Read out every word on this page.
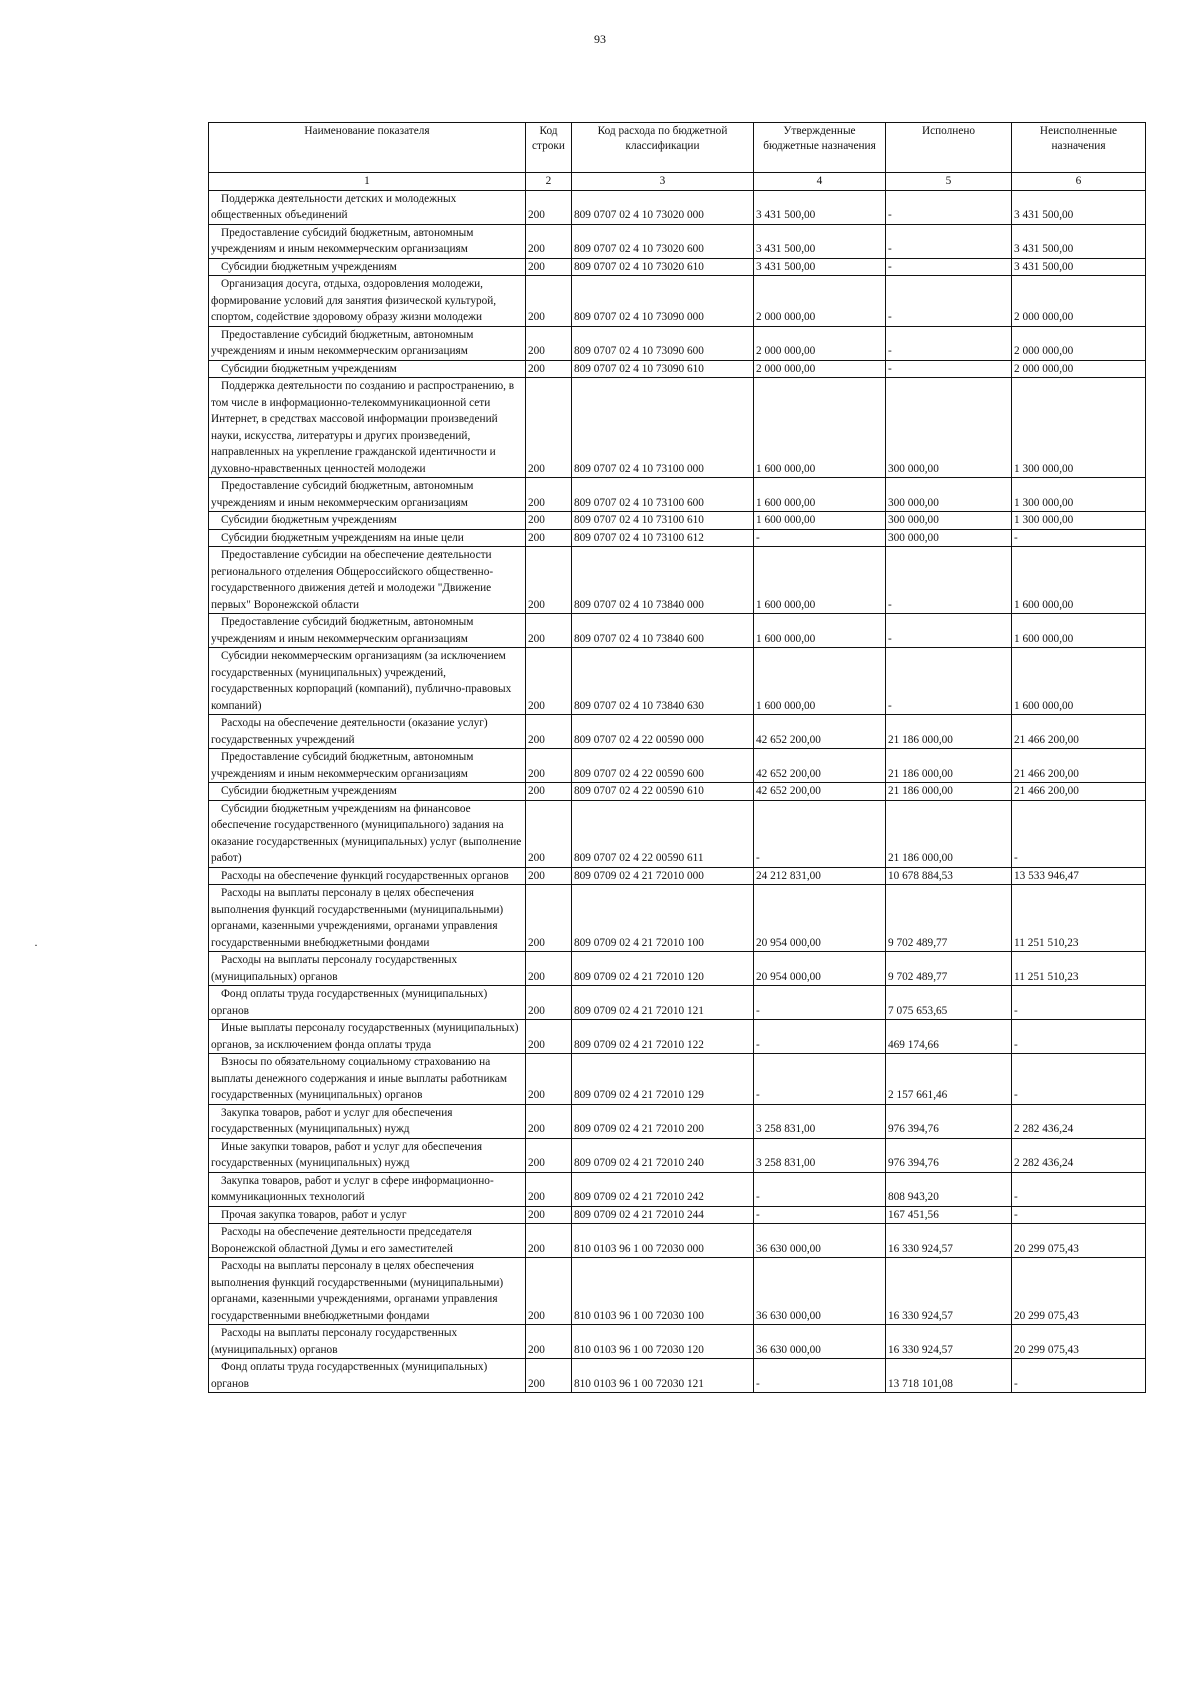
93
Наименование показателя	Код строки	Код расхода по бюджетной классификации	Утвержденные бюджетные назначения	Исполнено	Неисполненные назначения
1	2	3	4	5	6
Поддержка деятельности детских и молодежных общественных объединений	200	809 0707 02 4 10 73020 000	3 431 500,00	-	3 431 500,00
Предоставление субсидий бюджетным, автономным учреждениям и иным некоммерческим организациям	200	809 0707 02 4 10 73020 600	3 431 500,00	-	3 431 500,00
Субсидии бюджетным учреждениям	200	809 0707 02 4 10 73020 610	3 431 500,00	-	3 431 500,00
Организация досуга, отдыха, оздоровления молодежи, формирование условий для занятия физической культурой, спортом, содействие здоровому образу жизни молодежи	200	809 0707 02 4 10 73090 000	2 000 000,00	-	2 000 000,00
Предоставление субсидий бюджетным, автономным учреждениям и иным некоммерческим организациям	200	809 0707 02 4 10 73090 600	2 000 000,00	-	2 000 000,00
Субсидии бюджетным учреждениям	200	809 0707 02 4 10 73090 610	2 000 000,00	-	2 000 000,00
Поддержка деятельности по созданию и распространению, в том числе в информационно-телекоммуникационной сети Интернет, в средствах массовой информации произведений науки, искусства, литературы и других произведений, направленных на укрепление гражданской идентичности и духовно-нравственных ценностей молодежи	200	809 0707 02 4 10 73100 000	1 600 000,00	300 000,00	1 300 000,00
Предоставление субсидий бюджетным, автономным учреждениям и иным некоммерческим организациям	200	809 0707 02 4 10 73100 600	1 600 000,00	300 000,00	1 300 000,00
Субсидии бюджетным учреждениям	200	809 0707 02 4 10 73100 610	1 600 000,00	300 000,00	1 300 000,00
Субсидии бюджетным учреждениям на иные цели	200	809 0707 02 4 10 73100 612	-	300 000,00	-
Предоставление субсидии на обеспечение деятельности регионального отделения Общероссийского общественно-государственного движения детей и молодежи "Движение первых" Воронежской области	200	809 0707 02 4 10 73840 000	1 600 000,00	-	1 600 000,00
Предоставление субсидий бюджетным, автономным учреждениям и иным некоммерческим организациям	200	809 0707 02 4 10 73840 600	1 600 000,00	-	1 600 000,00
Субсидии некоммерческим организациям (за исключением государственных (муниципальных) учреждений, государственных корпораций (компаний), публично-правовых компаний)	200	809 0707 02 4 10 73840 630	1 600 000,00	-	1 600 000,00
Расходы на обеспечение деятельности (оказание услуг) государственных учреждений	200	809 0707 02 4 22 00590 000	42 652 200,00	21 186 000,00	21 466 200,00
Предоставление субсидий бюджетным, автономным учреждениям и иным некоммерческим организациям	200	809 0707 02 4 22 00590 600	42 652 200,00	21 186 000,00	21 466 200,00
Субсидии бюджетным учреждениям	200	809 0707 02 4 22 00590 610	42 652 200,00	21 186 000,00	21 466 200,00
Субсидии бюджетным учреждениям на финансовое обеспечение государственного (муниципального) задания на оказание государственных (муниципальных) услуг (выполнение работ)	200	809 0707 02 4 22 00590 611	-	21 186 000,00	-
Расходы на обеспечение функций государственных органов	200	809 0709 02 4 21 72010 000	24 212 831,00	10 678 884,53	13 533 946,47
Расходы на выплаты персоналу в целях обеспечения выполнения функций государственными (муниципальными) органами, казенными учреждениями, органами управления государственными внебюджетными фондами	200	809 0709 02 4 21 72010 100	20 954 000,00	9 702 489,77	11 251 510,23
Расходы на выплаты персоналу государственных (муниципальных) органов	200	809 0709 02 4 21 72010 120	20 954 000,00	9 702 489,77	11 251 510,23
Фонд оплаты труда государственных (муниципальных) органов	200	809 0709 02 4 21 72010 121	-	7 075 653,65	-
Иные выплаты персоналу государственных (муниципальных) органов, за исключением фонда оплаты труда	200	809 0709 02 4 21 72010 122	-	469 174,66	-
Взносы по обязательному социальному страхованию на выплаты денежного содержания и иные выплаты работникам государственных (муниципальных) органов	200	809 0709 02 4 21 72010 129	-	2 157 661,46	-
Закупка товаров, работ и услуг для обеспечения государственных (муниципальных) нужд	200	809 0709 02 4 21 72010 200	3 258 831,00	976 394,76	2 282 436,24
Иные закупки товаров, работ и услуг для обеспечения государственных (муниципальных) нужд	200	809 0709 02 4 21 72010 240	3 258 831,00	976 394,76	2 282 436,24
Закупка товаров, работ и услуг в сфере информационно-коммуникационных технологий	200	809 0709 02 4 21 72010 242	-	808 943,20	-
Прочая закупка товаров, работ и услуг	200	809 0709 02 4 21 72010 244	-	167 451,56	-
Расходы на обеспечение деятельности председателя Воронежской областной Думы и его заместителей	200	810 0103 96 1 00 72030 000	36 630 000,00	16 330 924,57	20 299 075,43
Расходы на выплаты персоналу в целях обеспечения выполнения функций государственными (муниципальными) органами, казенными учреждениями, органами управления государственными внебюджетными фондами	200	810 0103 96 1 00 72030 100	36 630 000,00	16 330 924,57	20 299 075,43
Расходы на выплаты персоналу государственных (муниципальных) органов	200	810 0103 96 1 00 72030 120	36 630 000,00	16 330 924,57	20 299 075,43
Фонд оплаты труда государственных (муниципальных) органов	200	810 0103 96 1 00 72030 121	-	13 718 101,08	-
·
